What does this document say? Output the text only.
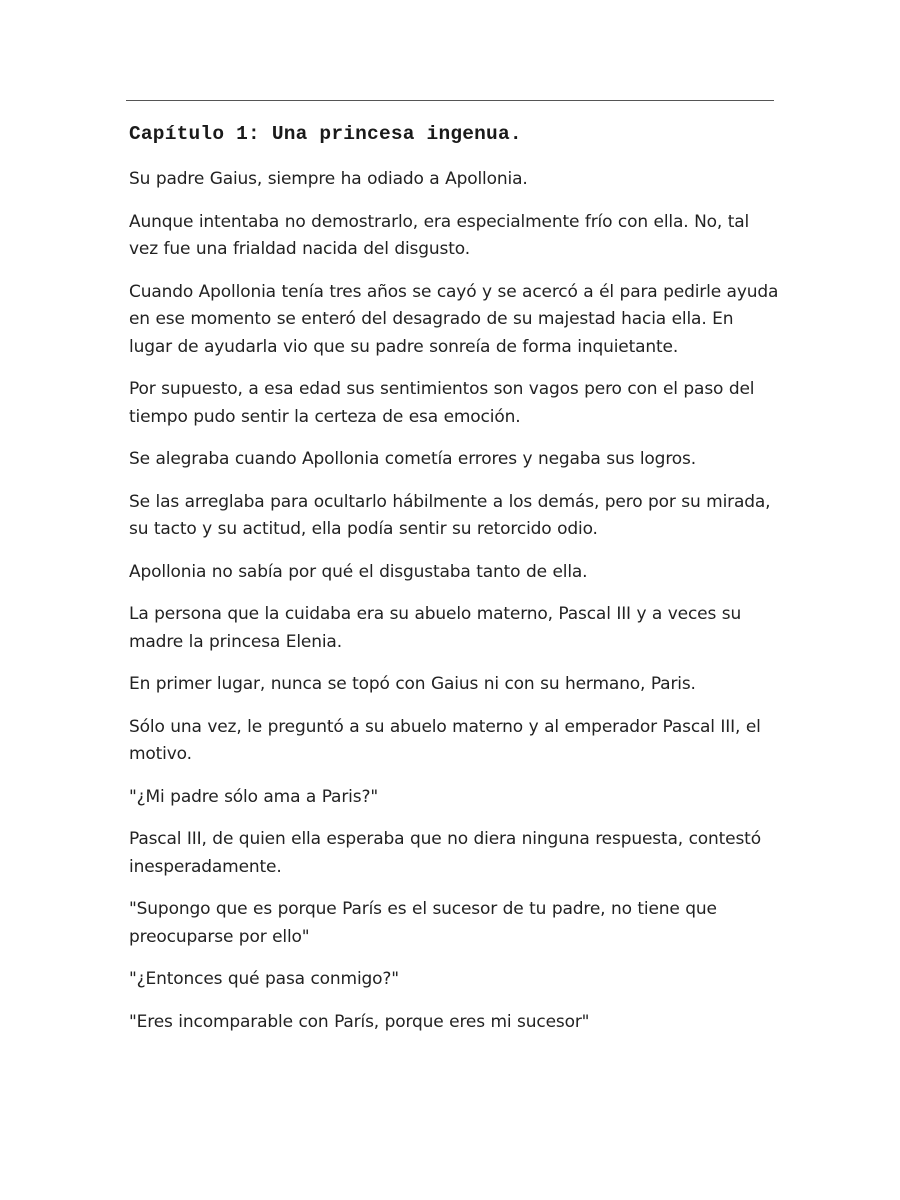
Capítulo 1: Una princesa ingenua.

Su padre Gaius, siempre ha odiado a Apollonia.

Aunque intentaba no demostrarlo, era especialmente frío con ella. No, tal vez fue una frialdad nacida del disgusto.

Cuando Apollonia tenía tres años se cayó y se acercó a él para pedirle ayuda en ese momento se enteró del desagrado de su majestad hacia ella. En lugar de ayudarla vio que su padre sonreía de forma inquietante.

Por supuesto, a esa edad sus sentimientos son vagos pero con el paso del tiempo pudo sentir la certeza de esa emoción.

Se alegraba cuando Apollonia cometía errores y negaba sus logros.

Se las arreglaba para ocultarlo hábilmente a los demás, pero por su mirada, su tacto y su actitud, ella podía sentir su retorcido odio.

Apollonia no sabía por qué el disgustaba tanto de ella.

La persona que la cuidaba era su abuelo materno, Pascal III y a veces su madre la princesa Elenia.

En primer lugar, nunca se topó con Gaius ni con su hermano, Paris.

Sólo una vez, le preguntó a su abuelo materno y al emperador Pascal III, el motivo.

"¿Mi padre sólo ama a Paris?"

Pascal III, de quien ella esperaba que no diera ninguna respuesta, contestó inesperadamente.

"Supongo que es porque París es el sucesor de tu padre, no tiene que preocuparse por ello"

"¿Entonces qué pasa conmigo?"

"Eres incomparable con París, porque eres mi sucesor"
